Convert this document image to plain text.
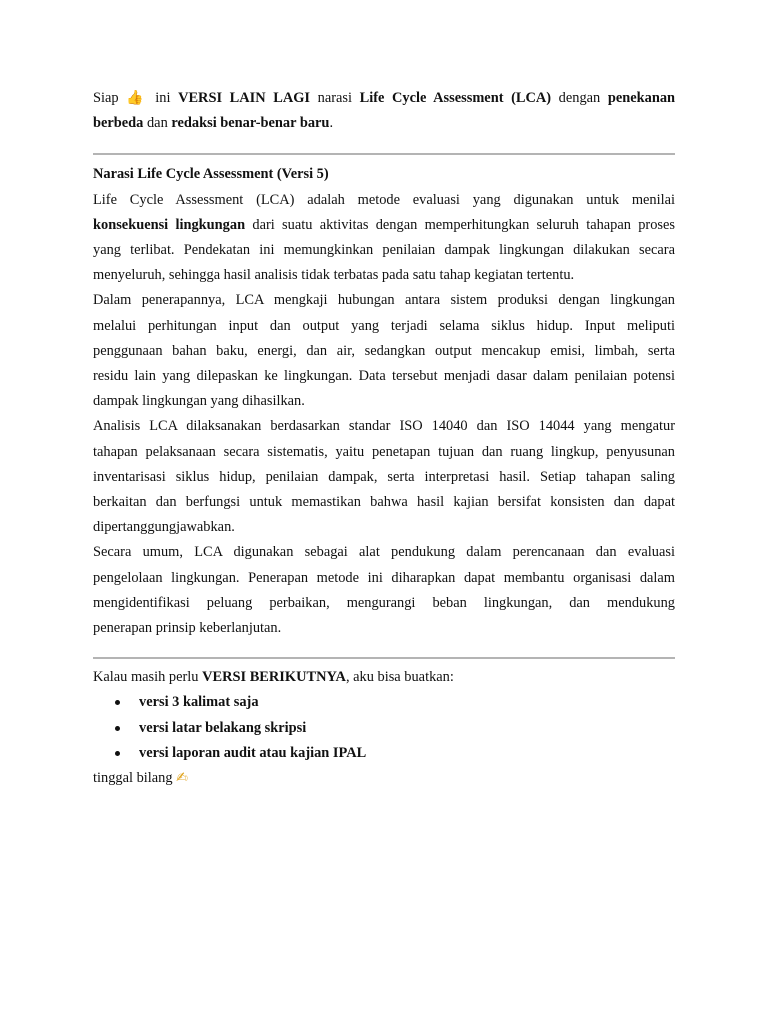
Siap 👍 ini VERSI LAIN LAGI narasi Life Cycle Assessment (LCA) dengan penekanan
berbeda dan redaksi benar-benar baru.
Narasi Life Cycle Assessment (Versi 5)
Life Cycle Assessment (LCA) adalah metode evaluasi yang digunakan untuk menilai
konsekuensi lingkungan dari suatu aktivitas dengan memperhitungkan seluruh tahapan proses
yang terlibat. Pendekatan ini memungkinkan penilaian dampak lingkungan dilakukan secara
menyeluruh, sehingga hasil analisis tidak terbatas pada satu tahap kegiatan tertentu.
Dalam penerapannya, LCA mengkaji hubungan antara sistem produksi dengan lingkungan
melalui perhitungan input dan output yang terjadi selama siklus hidup. Input meliputi
penggunaan bahan baku, energi, dan air, sedangkan output mencakup emisi, limbah, serta
residu lain yang dilepaskan ke lingkungan. Data tersebut menjadi dasar dalam penilaian potensi
dampak lingkungan yang dihasilkan.
Analisis LCA dilaksanakan berdasarkan standar ISO 14040 dan ISO 14044 yang mengatur
tahapan pelaksanaan secara sistematis, yaitu penetapan tujuan dan ruang lingkup, penyusunan
inventarisasi siklus hidup, penilaian dampak, serta interpretasi hasil. Setiap tahapan saling
berkaitan dan berfungsi untuk memastikan bahwa hasil kajian bersifat konsisten dan dapat
dipertanggungjawabkan.
Secara umum, LCA digunakan sebagai alat pendukung dalam perencanaan dan evaluasi
pengelolaan lingkungan. Penerapan metode ini diharapkan dapat membantu organisasi dalam
mengidentifikasi peluang perbaikan, mengurangi beban lingkungan, dan mendukung
penerapan prinsip keberlanjutan.
Kalau masih perlu VERSI BERIKUTNYA, aku bisa buatkan:
versi 3 kalimat saja
versi latar belakang skripsi
versi laporan audit atau kajian IPAL
tinggal bilang ✍
